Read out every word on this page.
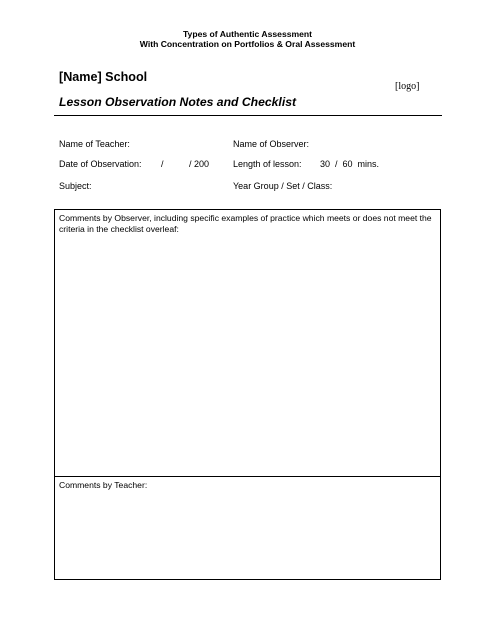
Types of Authentic Assessment
With Concentration on Portfolios & Oral Assessment
[Name] School
[logo]
Lesson Observation Notes and Checklist
Name of Teacher:	Name of Observer:
Date of Observation: /	/ 200	Length of lesson: 30  /  60  mins.
Subject:	Year Group / Set / Class:
Comments by Observer, including specific examples of practice which meets or does not meet the criteria in the checklist overleaf:
Comments by Teacher:
